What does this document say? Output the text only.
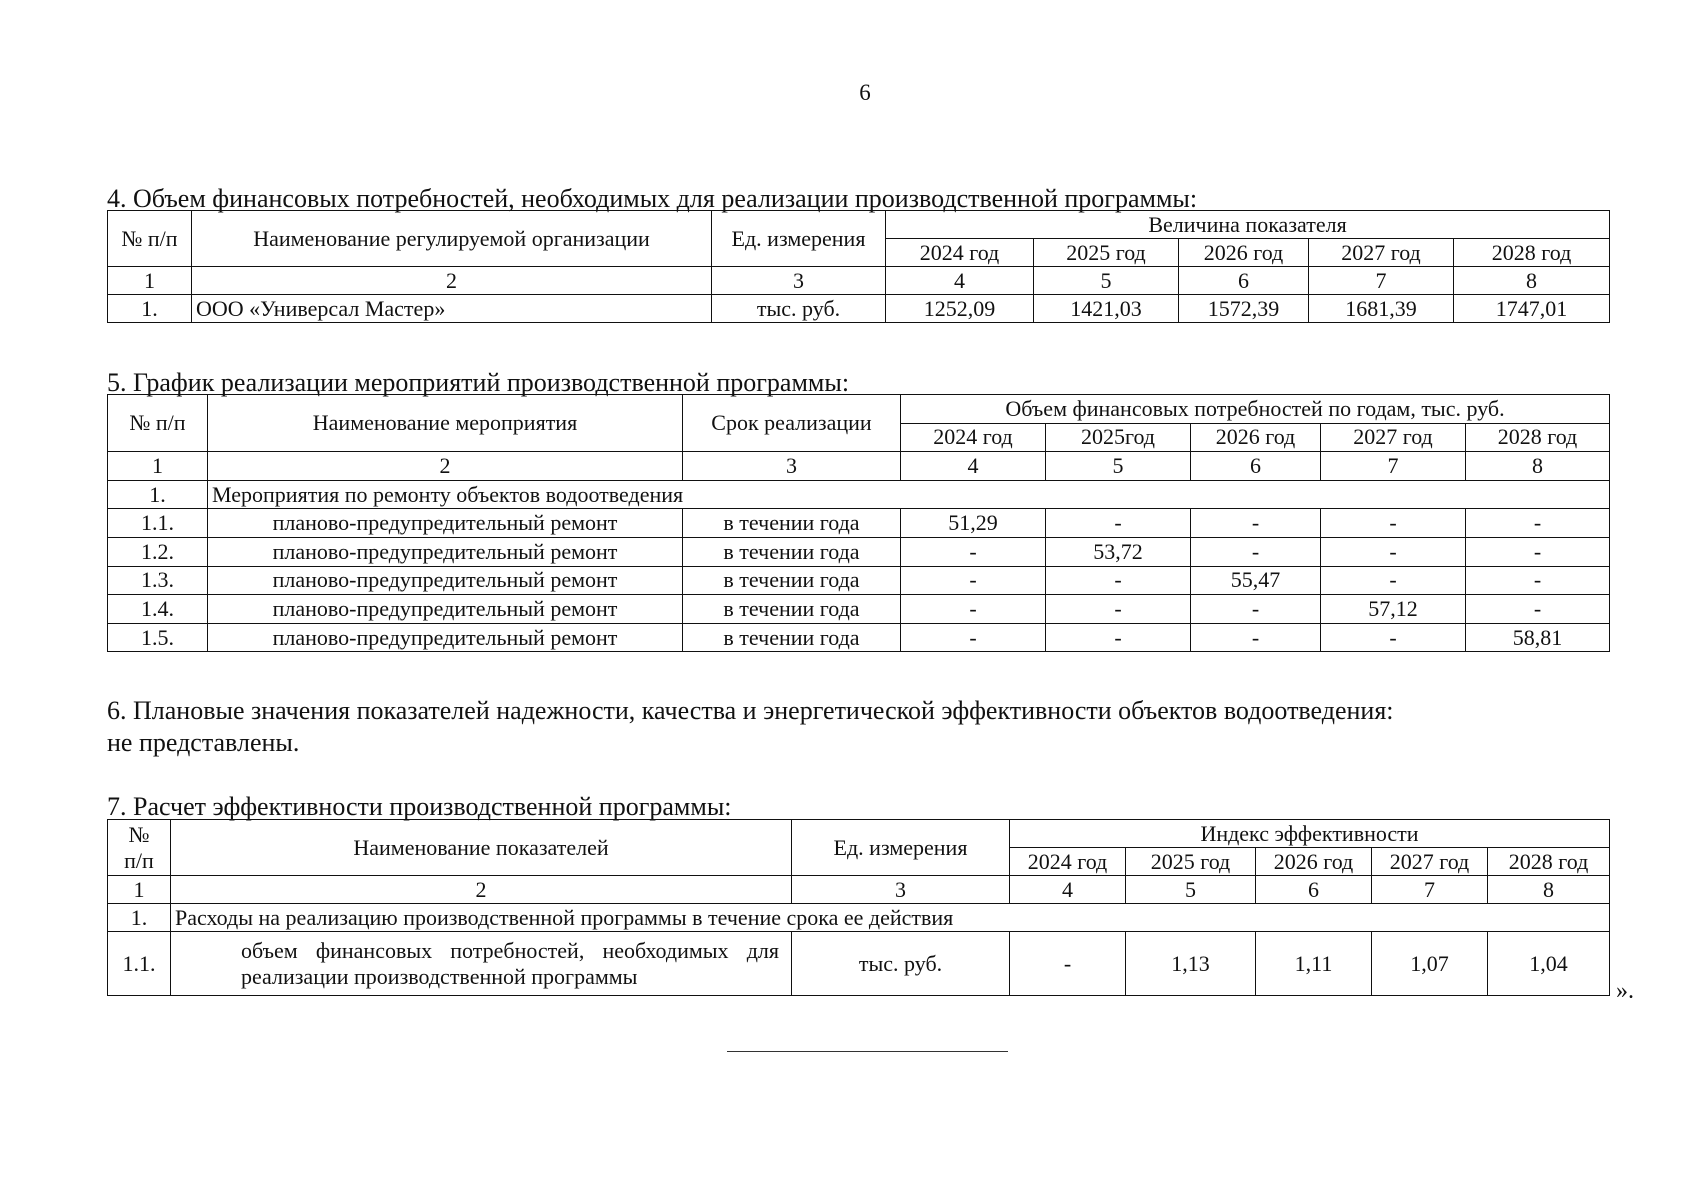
6
4. Объем финансовых потребностей, необходимых для реализации производственной программы:
№ п/п	Наименование регулируемой организации	Ед. измерения	Величина показателя				
			2024 год	2025 год	2026 год	2027 год	2028 год
1	2	3	4	5	6	7	8
1.	ООО «Универсал Мастер»	тыс. руб.	1252,09	1421,03	1572,39	1681,39	1747,01
5. График реализации мероприятий производственной программы:
№ п/п	Наименование мероприятия	Срок реализации	Объем финансовых потребностей по годам, тыс. руб.				
			2024 год	2025год	2026 год	2027 год	2028 год
1	2	3	4	5	6	7	8
1.	Мероприятия по ремонту объектов водоотведения						
1.1.	планово-предупредительный ремонт	в течении года	51,29	-	-	-	-
1.2.	планово-предупредительный ремонт	в течении года	-	53,72	-	-	-
1.3.	планово-предупредительный ремонт	в течении года	-	-	55,47	-	-
1.4.	планово-предупредительный ремонт	в течении года	-	-	-	57,12	-
1.5.	планово-предупредительный ремонт	в течении года	-	-	-	-	58,81
6. Плановые значения показателей надежности, качества и энергетической эффективности объектов водоотведения:
не представлены.
7. Расчет эффективности производственной программы:
№
п/п	Наименование показателей	Ед. измерения	Индекс эффективности				
			2024 год	2025 год	2026 год	2027 год	2028 год
1	2	3	4	5	6	7	8
1.	Расходы на реализацию производственной программы в течение срока ее действия						
1.1.	объем финансовых потребностей, необходимых для реализации производственной программы	тыс. руб.	-	1,13	1,11	1,07	1,04
».
